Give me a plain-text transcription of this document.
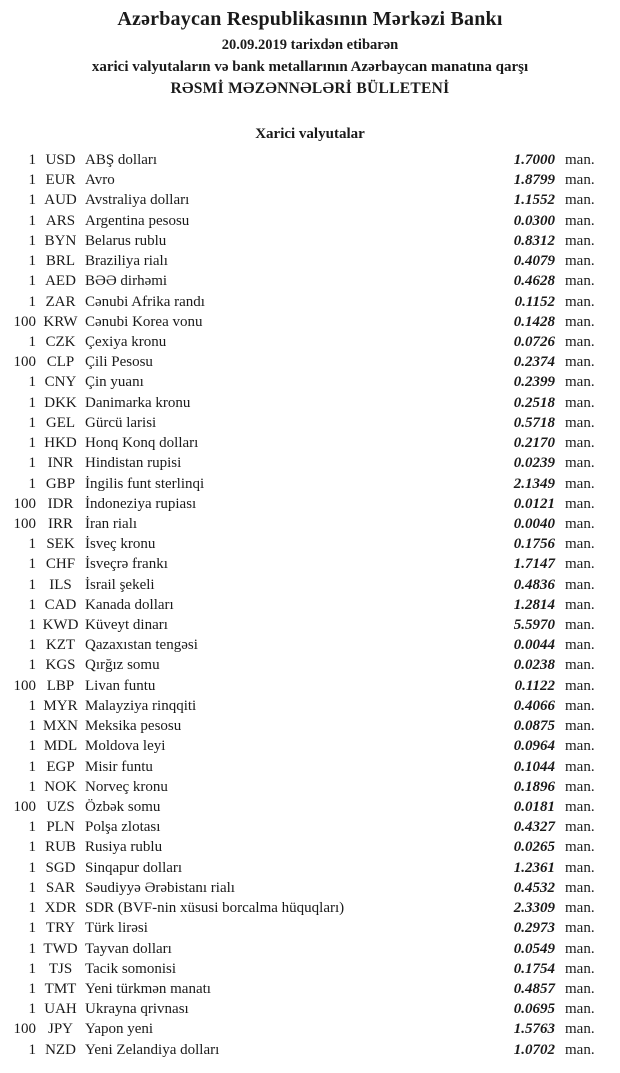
Azərbaycan Respublikasının Mərkəzi Bankı
20.09.2019 tarixdən etibarən
xarici valyutaların və bank metallarının Azərbaycan manatına qarşı
RƏSMİ MƏZƏNNƏLƏRİ BÜLLETENİ
Xarici valyutalar
1 USD ABŞ dolları	1.7000 man.
1 EUR Avro	1.8799 man.
1 AUD Avstraliya dolları	1.1552 man.
1 ARS Argentina pesosu	0.0300 man.
1 BYN Belarus rublu	0.8312 man.
1 BRL Braziliya rialı	0.4079 man.
1 AED BƏƏ dirhəmi	0.4628 man.
1 ZAR Cənubi Afrika randı	0.1152 man.
100 KRW Cənubi Korea vonu	0.1428 man.
1 CZK Çexiya kronu	0.0726 man.
100 CLP Çili Pesosu	0.2374 man.
1 CNY Çin yuanı	0.2399 man.
1 DKK Danimarka kronu	0.2518 man.
1 GEL Gürcü larisi	0.5718 man.
1 HKD Honq Konq dolları	0.2170 man.
1 INR Hindistan rupisi	0.0239 man.
1 GBP İngilis funt sterlinqi	2.1349 man.
100 IDR İndoneziya rupiası	0.0121 man.
100 IRR İran rialı	0.0040 man.
1 SEK İsveç kronu	0.1756 man.
1 CHF İsveçrə frankı	1.7147 man.
1 ILS İsrail şekeli	0.4836 man.
1 CAD Kanada dolları	1.2814 man.
1 KWD Küveyt dinarı	5.5970 man.
1 KZT Qazaxıstan tengəsi	0.0044 man.
1 KGS Qırğız somu	0.0238 man.
100 LBP Livan funtu	0.1122 man.
1 MYR Malayziya rinqqiti	0.4066 man.
1 MXN Meksika pesosu	0.0875 man.
1 MDL Moldova leyi	0.0964 man.
1 EGP Misir funtu	0.1044 man.
1 NOK Norveç kronu	0.1896 man.
100 UZS Özbək somu	0.0181 man.
1 PLN Polşa zlotası	0.4327 man.
1 RUB Rusiya rublu	0.0265 man.
1 SGD Sinqapur dolları	1.2361 man.
1 SAR Səudiyyə Ərəbistanı rialı	0.4532 man.
1 XDR SDR (BVF-nin xüsusi borcalma hüquqları)	2.3309 man.
1 TRY Türk lirəsi	0.2973 man.
1 TWD Tayvan dolları	0.0549 man.
1 TJS Tacik somonisi	0.1754 man.
1 TMT Yeni türkmən manatı	0.4857 man.
1 UAH Ukrayna qrivnası	0.0695 man.
100 JPY Yapon yeni	1.5763 man.
1 NZD Yeni Zelandiya dolları	1.0702 man.
